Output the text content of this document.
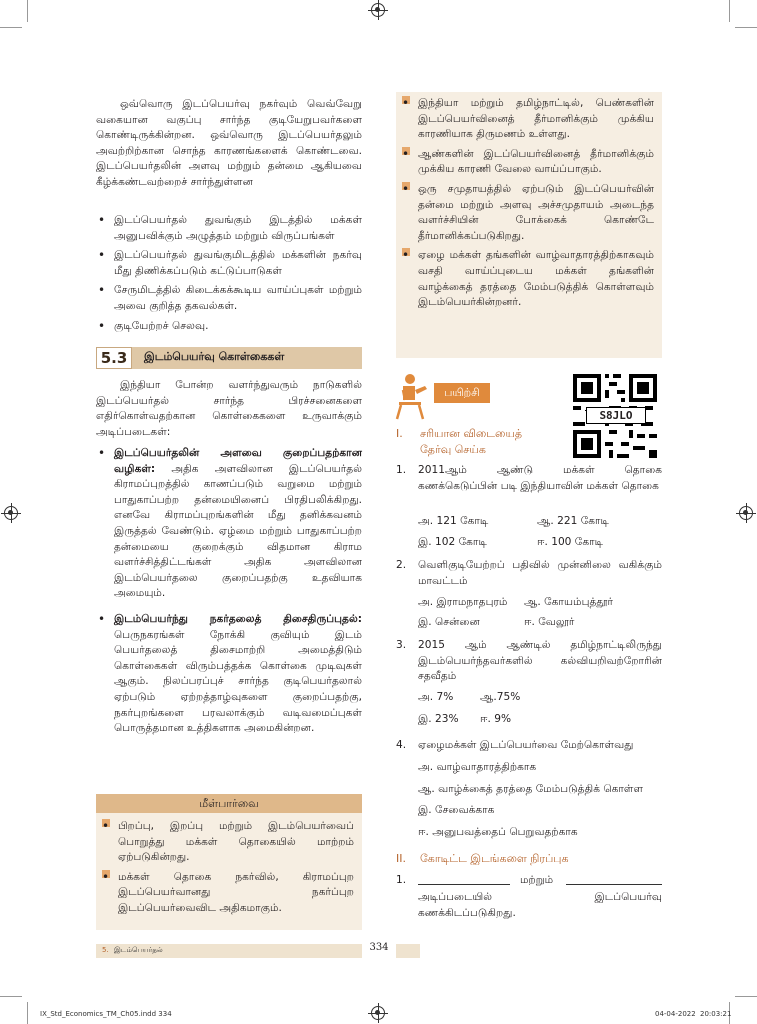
ஒவ்வொரு இடப்பெயர்வு நகர்வும் வெவ்வேறு வகையான வகுப்பு சார்ந்த குடியேறுபவர்களை கொண்டிருக்கின்றன. ஒவ்வொரு இடப்பெயர்தலும் அவற்றிற்கான சொந்த காரணங்களைக் கொண்டவை. இடப்பெயர்தலின் அளவு மற்றும் தன்மை ஆகியவை கீழ்க்கண்டவற்றைச் சார்ந்துள்ளன
• இடப்பெயர்தல் துவங்கும் இடத்தில் மக்கள் அனுபவிக்கும் அழுத்தம் மற்றும் விருப்பங்கள்
• இடப்பெயர்தல் துவங்குமிடத்தில் மக்களின் நகர்வு மீது திணிக்கப்படும் கட்டுப்பாடுகள்
• சேருமிடத்தில் கிடைக்கக்கூடிய வாய்ப்புகள் மற்றும் அவை குறித்த தகவல்கள்.
• குடியேற்றச் செலவு.
5.3	இடம்பெயர்வு கொள்கைகள்
இந்தியா போன்ற வளர்ந்துவரும் நாடுகளில் இடப்பெயர்தல் சார்ந்த பிரச்சனைகளை எதிர்கொள்வதற்கான கொள்கைகளை உருவாக்கும் அடிப்படைகள்:
• இடப்பெயர்தலின் அளவை குறைப்பதற்கான வழிகள்: அதிக அளவிலான இடப்பெயர்தல் கிராமப்புறத்தில் காணப்படும் வறுமை மற்றும் பாதுகாப்பற்ற தன்மையினைப் பிரதிபலிக்கிறது. எனவே கிராமப்புறங்களின் மீது தனிக்கவனம் இருத்தல் வேண்டும். ஏழ்மை மற்றும் பாதுகாப்பற்ற தன்மையை குறைக்கும் விதமான கிராம வளர்ச்சித்திட்டங்கள் அதிக அளவிலான இடம்பெயர்தலை குறைப்பதற்கு உதவியாக அமையும்.
• இடம்பெயர்ந்து நகர்தலைத் திசைதிருப்புதல்: பெருநகரங்கள் நோக்கி குவியும் இடம் பெயர்தலைத் திசைமாற்றி அமைத்திடும் கொள்கைகள் விரும்பத்தக்க கொள்கை முடிவுகள் ஆகும். நிலப்பரப்புச் சார்ந்த குடிபெயர்தலால் ஏற்படும் ஏற்றத்தாழ்வுகளை குறைப்பதற்கு, நகர்புறங்களை பரவலாக்கும் வடிவமைப்புகள் பொருத்தமான உத்திகளாக அமைகின்றன.
மீள்பார்வை
• பிறப்பு, இறப்பு மற்றும் இடம்பெயர்வைப் பொறுத்து மக்கள் தொகையில் மாற்றம் ஏற்படுகின்றது.
• மக்கள் தொகை நகர்வில், கிராமப்புற இடப்பெயர்வானது நகர்ப்புற இடப்பெயர்வைவிட அதிகமாகும்.
• இந்தியா மற்றும் தமிழ்நாட்டில், பெண்களின் இடப்பெயர்வினைத் தீர்மானிக்கும் முக்கிய காரணியாக திருமணம் உள்ளது.
• ஆண்களின் இடப்பெயர்வினைத் தீர்மானிக்கும் முக்கிய காரணி வேலை வாய்ப்பாகும்.
• ஒரு சமுதாயத்தில் ஏற்படும் இடப்பெயர்வின் தன்மை மற்றும் அளவு அச்சமுதாயம் அடைந்த வளர்ச்சியின் போக்கைக் கொண்டே தீர்மானிக்கப்படுகிறது.
• ஏழை மக்கள் தங்களின் வாழ்வாதாரத்திற்காகவும் வசதி வாய்ப்புடைய மக்கள் தங்களின் வாழ்க்கைத் தரத்தை மேம்படுத்திக் கொள்ளவும் இடம்பெயர்கின்றனர்.
பயிற்சி
S8JLO
I. சரியான விடையைத்
தேர்வு செய்க
1. 2011ஆம் ஆண்டு மக்கள் தொகை கணக்கெடுப்பின் படி இந்தியாவின் மக்கள் தொகை
அ. 121 கோடி	ஆ. 221 கோடி
இ. 102 கோடி	ஈ. 100 கோடி
2. வெளிகுடியேற்றப் பதிவில் முன்னிலை வகிக்கும் மாவட்டம்
அ. இராமநாதபுரம் ஆ. கோயம்புத்தூர்
இ. சென்னை	ஈ. வேலூர்
3. 2015 ஆம் ஆண்டில் தமிழ்நாட்டிலிருந்து இடம்பெயர்ந்தவர்களில் கல்வியறிவற்றோரின் சதவீதம்
அ. 7%	ஆ.75%
இ. 23% ஈ. 9%
4. ஏழைமக்கள் இடப்பெயர்வை மேற்கொள்வது
அ. வாழ்வாதாரத்திற்காக
ஆ. வாழ்க்கைத் தரத்தை மேம்படுத்திக் கொள்ள
இ. சேவைக்காக
ஈ. அனுபவத்தைப் பெறுவதற்காக
II. கோடிட்ட இடங்களை நிரப்புக
1.	மற்றும்
அடிப்படையில் இடப்பெயர்வு கணக்கிடப்படுகிறது.
5. இடம்பெயர்தல்	334
IX_Std_Economics_TM_Ch05.indd 334	04-04-2022 20:03:21
